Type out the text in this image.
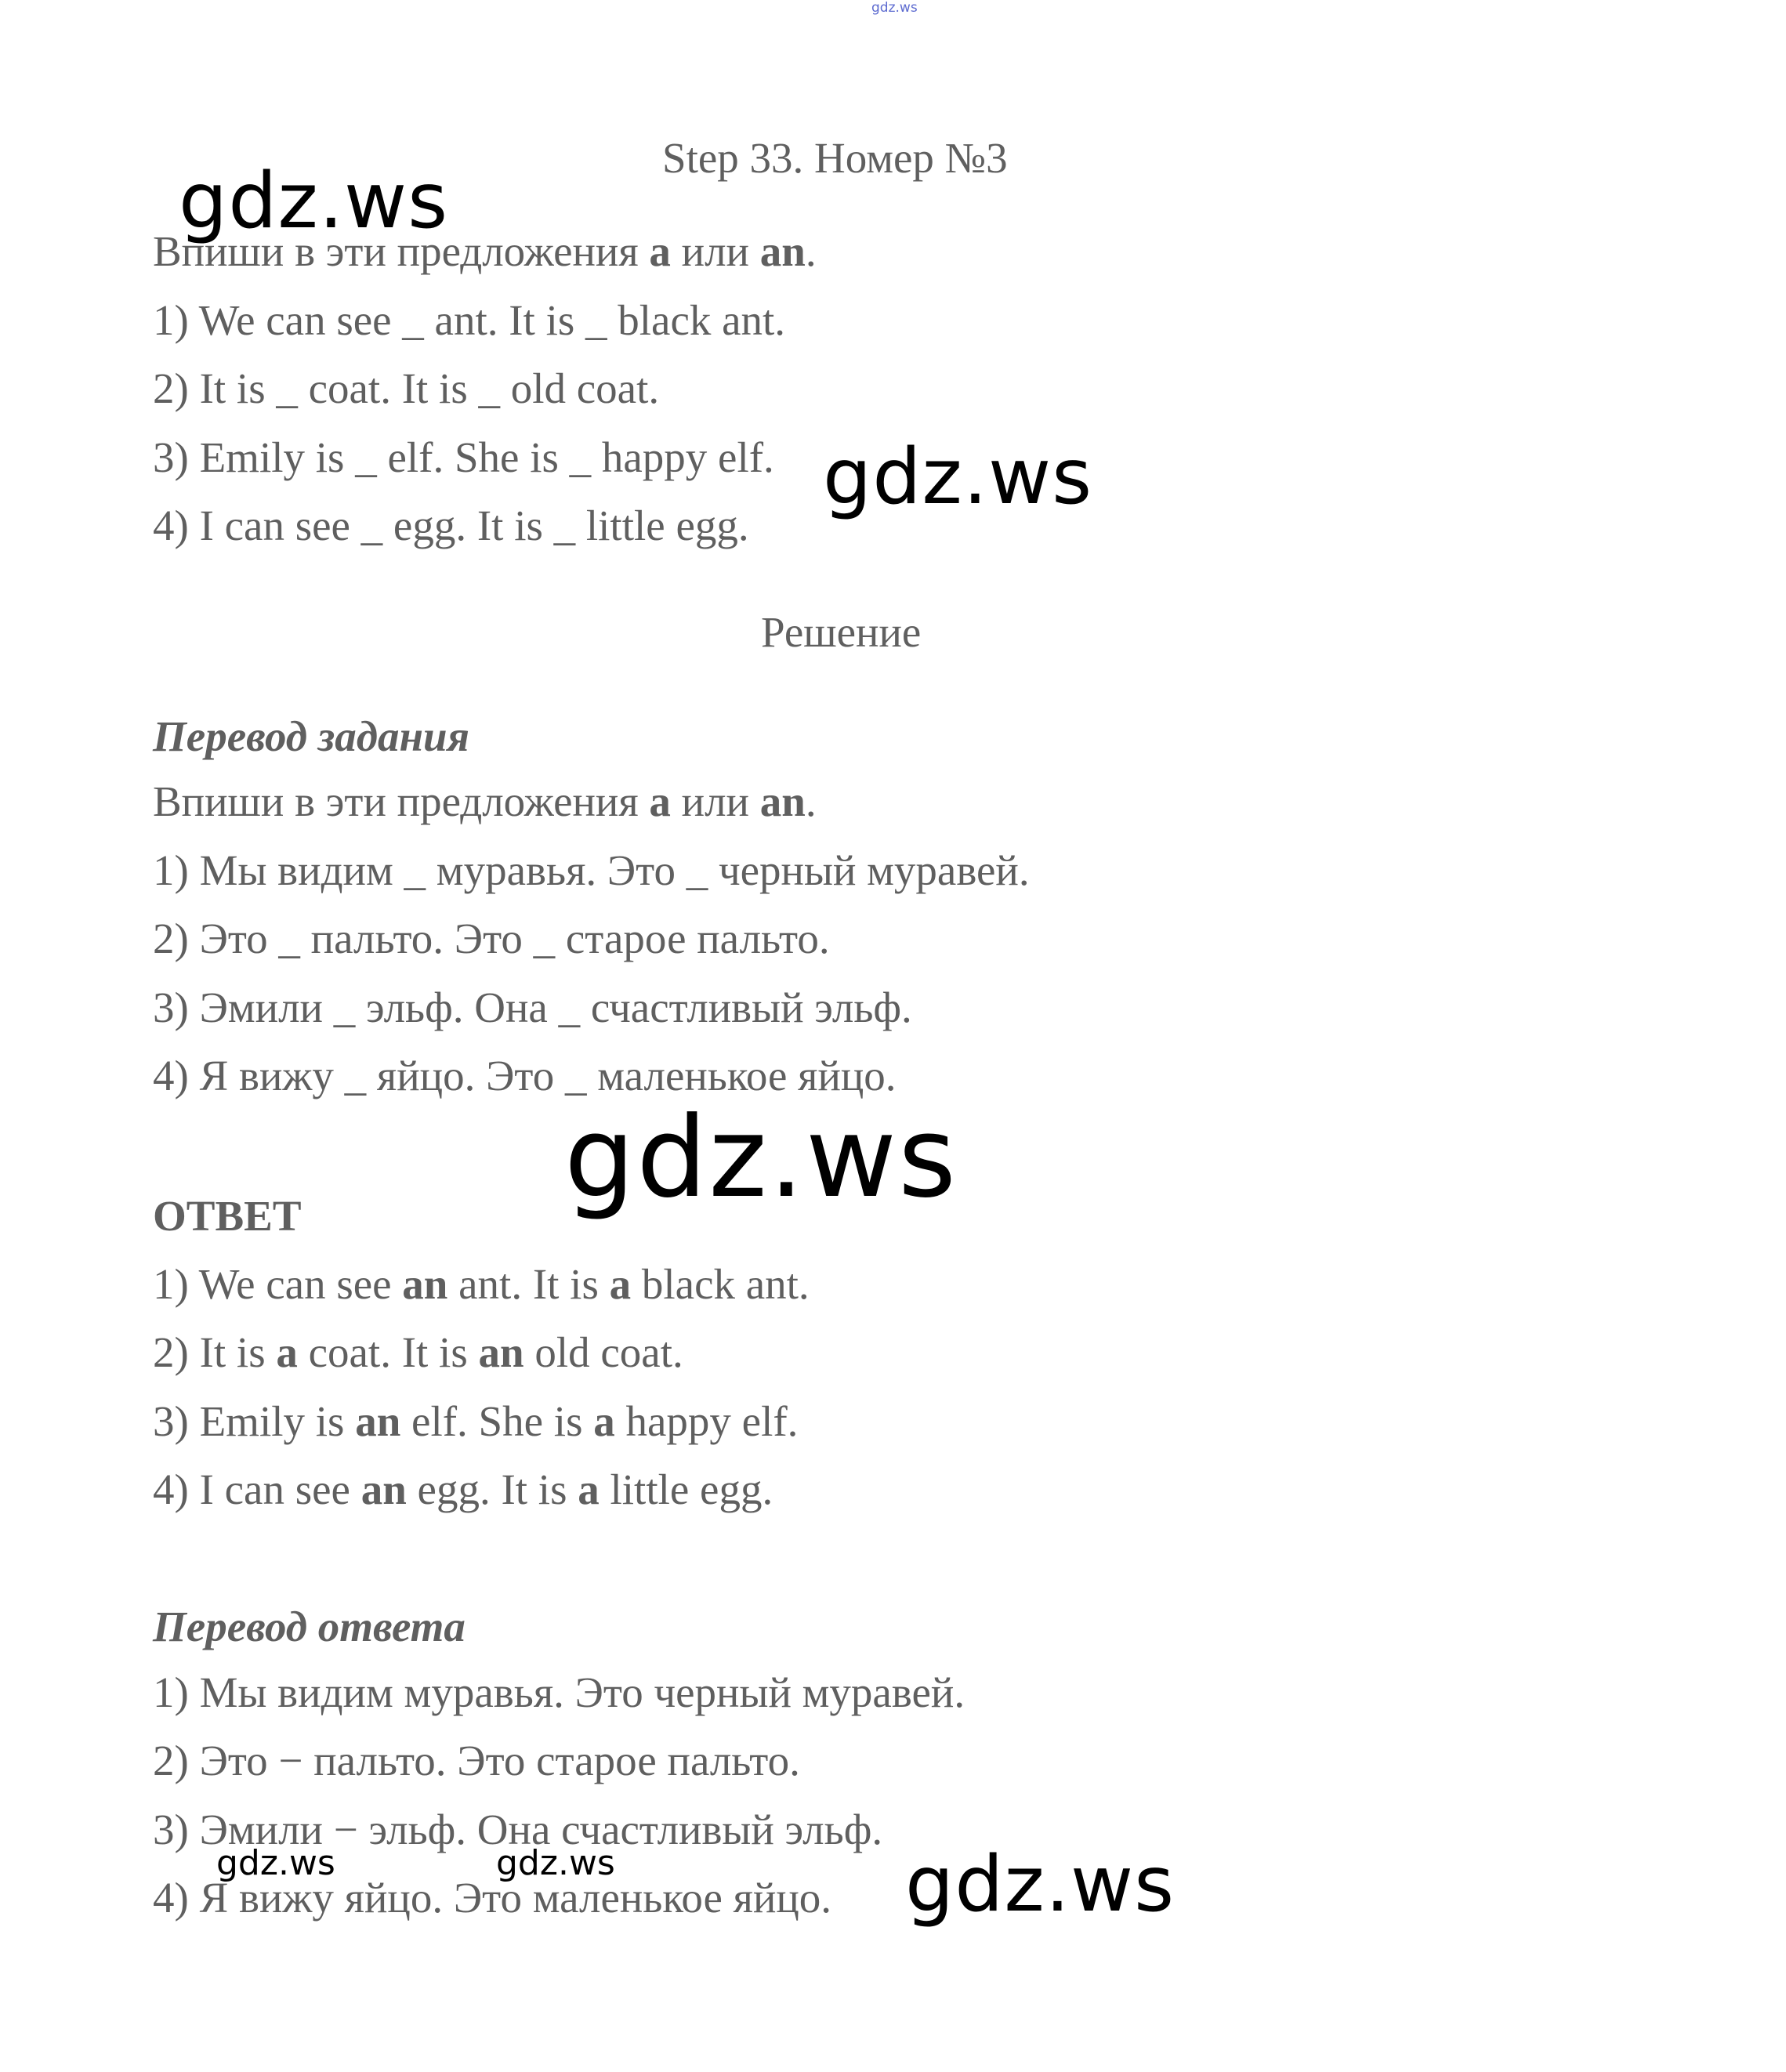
gdz.ws
Step 33. Номер №3
Впиши в эти предложения a или an.
1) We can see _ ant. It is _ black ant.
2) It is _ coat. It is _ old coat.
3) Emily is _ elf. She is _ happy elf.
4) I can see _ egg. It is _ little egg.
Решение
Перевод задания
Впиши в эти предложения a или an.
1) Мы видим _ муравья. Это _ черный муравей.
2) Это _ пальто. Это _ старое пальто.
3) Эмили _ эльф. Она _ счастливый эльф.
4) Я вижу _ яйцо. Это _ маленькое яйцо.
ОТВЕТ
1) We can see an ant. It is a black ant.
2) It is a coat. It is an old coat.
3) Emily is an elf. She is a happy elf.
4) I can see an egg. It is a little egg.
Перевод ответа
1) Мы видим муравья. Это черный муравей.
2) Это − пальто. Это старое пальто.
3) Эмили − эльф. Она счастливый эльф.
4) Я вижу яйцо. Это маленькое яйцо.
gdz.ws
gdz.ws
gdz.ws
gdz.ws	gdz.ws	gdz.ws
